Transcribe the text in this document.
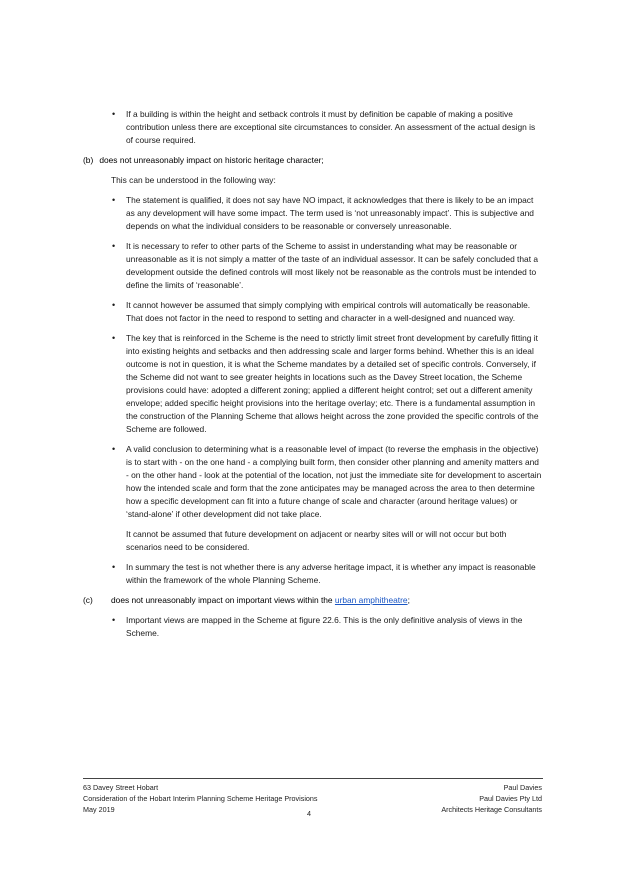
• If a building is within the height and setback controls it must by definition be capable of making a positive contribution unless there are exceptional site circumstances to consider. An assessment of the actual design is of course required.
(b) does not unreasonably impact on historic heritage character;
This can be understood in the following way:
• The statement is qualified, it does not say have NO impact, it acknowledges that there is likely to be an impact as any development will have some impact. The term used is ‘not unreasonably impact’. This is subjective and depends on what the individual considers to be reasonable or conversely unreasonable.
• It is necessary to refer to other parts of the Scheme to assist in understanding what may be reasonable or unreasonable as it is not simply a matter of the taste of an individual assessor. It can be safely concluded that a development outside the defined controls will most likely not be reasonable as the controls must be intended to define the limits of ‘reasonable’.
• It cannot however be assumed that simply complying with empirical controls will automatically be reasonable. That does not factor in the need to respond to setting and character in a well-designed and nuanced way.
• The key that is reinforced in the Scheme is the need to strictly limit street front development by carefully fitting it into existing heights and setbacks and then addressing scale and larger forms behind. Whether this is an ideal outcome is not in question, it is what the Scheme mandates by a detailed set of specific controls. Conversely, if the Scheme did not want to see greater heights in locations such as the Davey Street location, the Scheme provisions could have: adopted a different zoning; applied a different height control; set out a different amenity envelope; added specific height provisions into the heritage overlay; etc. There is a fundamental assumption in the construction of the Planning Scheme that allows height across the zone provided the specific controls of the Scheme are followed.
• A valid conclusion to determining what is a reasonable level of impact (to reverse the emphasis in the objective) is to start with - on the one hand - a complying built form, then consider other planning and amenity matters and - on the other hand - look at the potential of the location, not just the immediate site for development to ascertain how the intended scale and form that the zone anticipates may be managed across the area to then determine how a specific development can fit into a future change of scale and character (around heritage values) or ‘stand-alone’ if other development did not take place.
It cannot be assumed that future development on adjacent or nearby sites will or will not occur but both scenarios need to be considered.
• In summary the test is not whether there is any adverse heritage impact, it is whether any impact is reasonable within the framework of the whole Planning Scheme.
(c) does not unreasonably impact on important views within the urban amphitheatre;
• Important views are mapped in the Scheme at figure 22.6. This is the only definitive analysis of views in the Scheme.
63 Davey Street Hobart
Consideration of the Hobart Interim Planning Scheme Heritage Provisions
May 2019
Paul Davies
Paul Davies Pty Ltd
Architects Heritage Consultants
4
